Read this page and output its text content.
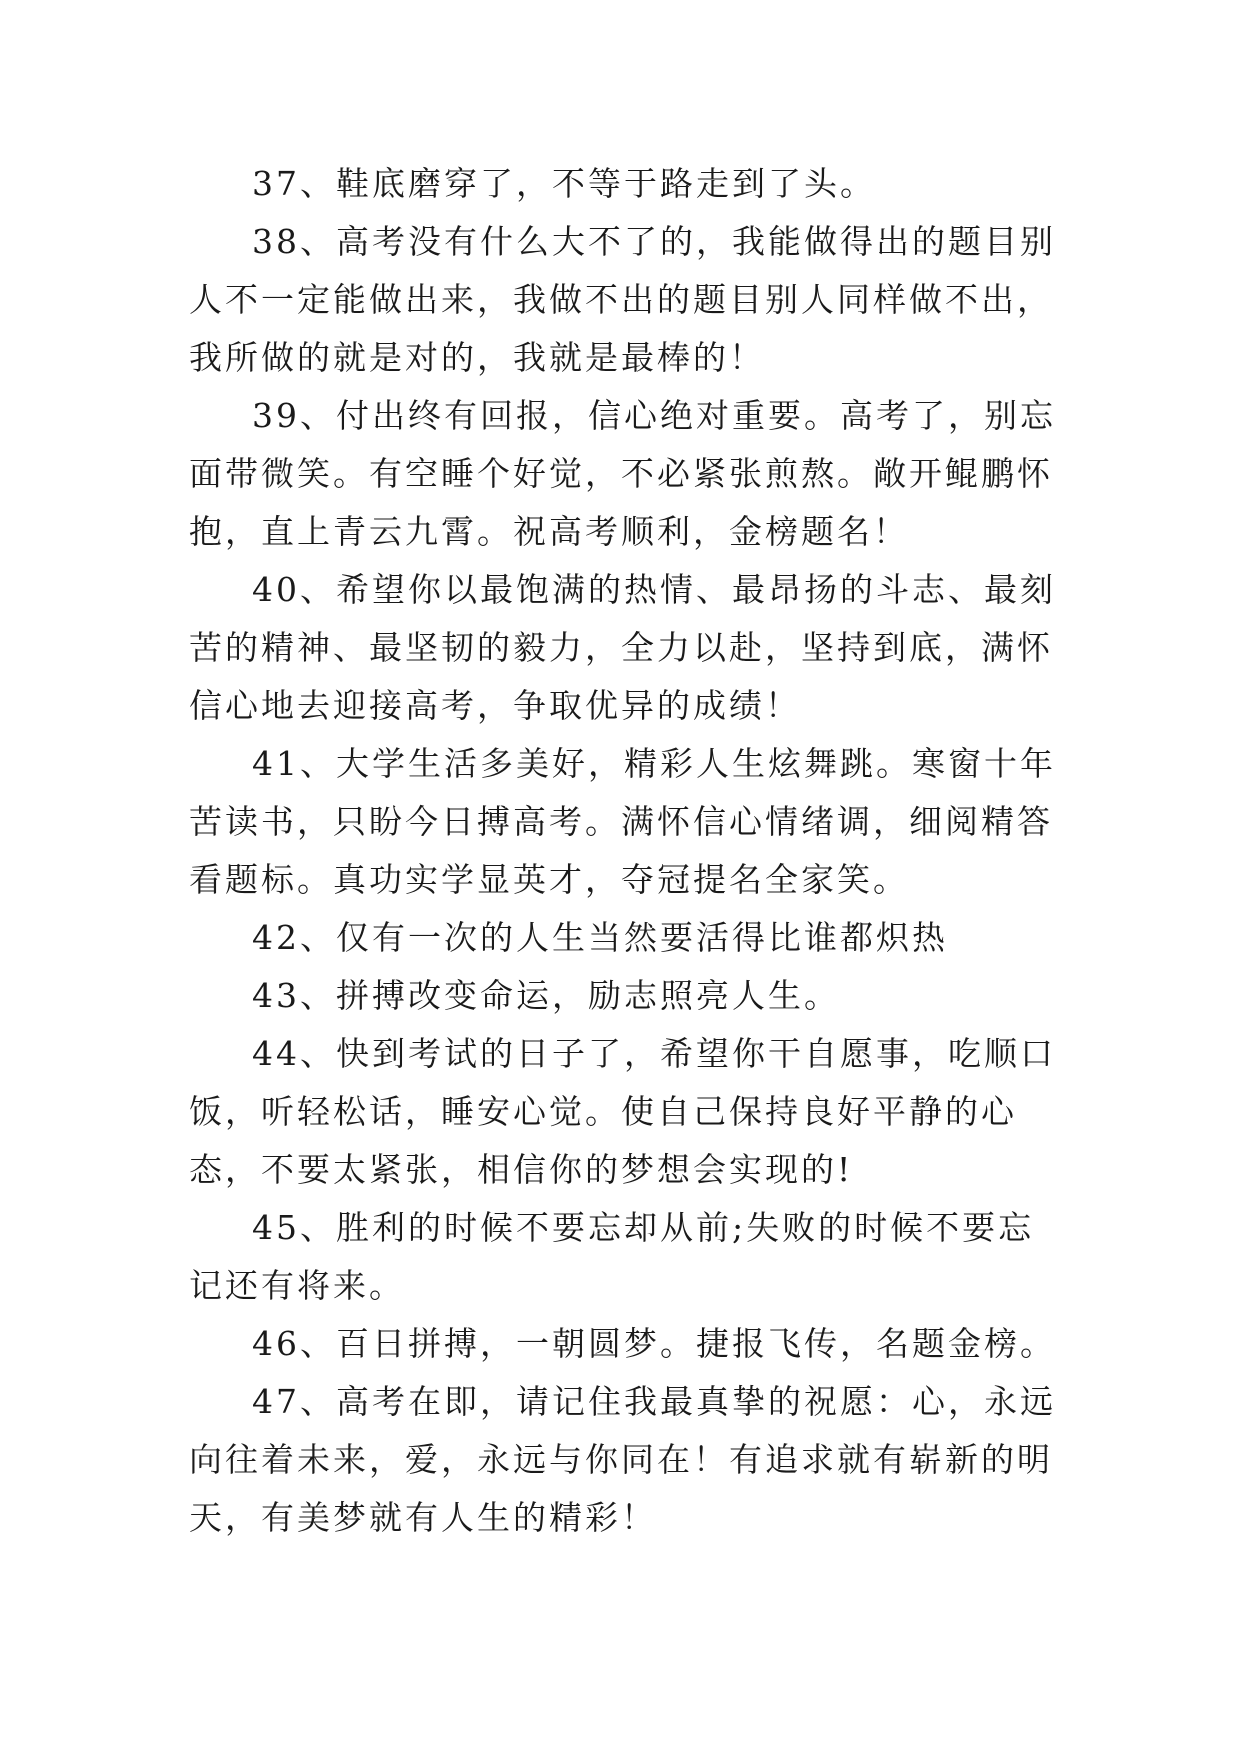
37、鞋底磨穿了，不等于路走到了头。

38、高考没有什么大不了的，我能做得出的题目别人不一定能做出来，我做不出的题目别人同样做不出，我所做的就是对的，我就是最棒的！

39、付出终有回报，信心绝对重要。高考了，别忘面带微笑。有空睡个好觉，不必紧张煎熬。敞开鲲鹏怀抱，直上青云九霄。祝高考顺利，金榜题名！

40、希望你以最饱满的热情、最昂扬的斗志、最刻苦的精神、最坚韧的毅力，全力以赴，坚持到底，满怀信心地去迎接高考，争取优异的成绩！

41、大学生活多美好，精彩人生炫舞跳。寒窗十年苦读书，只盼今日搏高考。满怀信心情绪调，细阅精答看题标。真功实学显英才，夺冠提名全家笑。

42、仅有一次的人生当然要活得比谁都炽热

43、拼搏改变命运，励志照亮人生。

44、快到考试的日子了，希望你干自愿事，吃顺口饭，听轻松话，睡安心觉。使自己保持良好平静的心态，不要太紧张，相信你的梦想会实现的!

45、胜利的时候不要忘却从前;失败的时候不要忘记还有将来。

46、百日拼搏，一朝圆梦。捷报飞传，名题金榜。

47、高考在即，请记住我最真挚的祝愿：心，永远向往着未来，爱，永远与你同在！有追求就有崭新的明天，有美梦就有人生的精彩！
